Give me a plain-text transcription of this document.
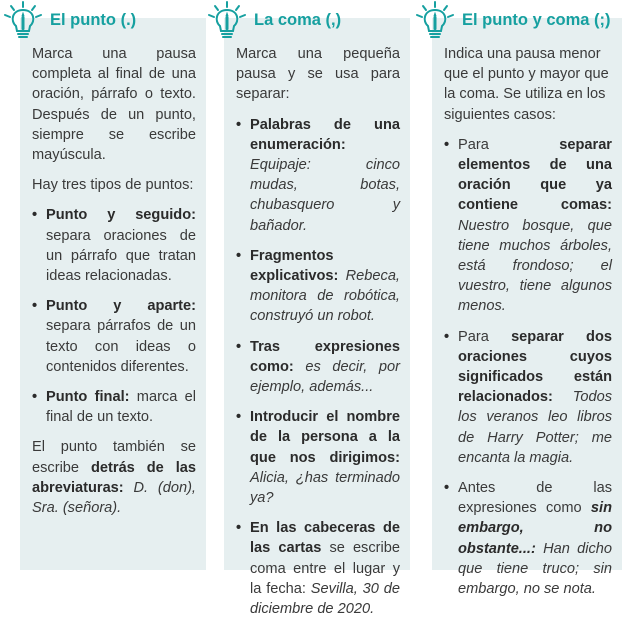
Marca una pausa completa al final de una oración, párrafo o texto. Después de un punto, siempre se escribe mayúscula.

Hay tres tipos de puntos:

• Punto y seguido: separa oraciones de un párrafo que tratan ideas relacionadas.
• Punto y aparte: separa párrafos de un texto con ideas o contenidos diferentes.
• Punto final: marca el final de un texto.

El punto también se escribe detrás de las abreviaturas: D. (don), Sra. (señora).

Marca una pequeña pausa y se usa para separar:

• Palabras de una enumeración: Equipaje: cinco mudas, botas, chubasquero y bañador.
• Fragmentos explicativos: Rebeca, monitora de robótica, construyó un robot.
• Tras expresiones como: es decir, por ejemplo, además...
• Introducir el nombre de la persona a la que nos dirigimos: Alicia, ¿has terminado ya?
• En las cabeceras de las cartas se escribe coma entre el lugar y la fecha: Sevilla, 30 de diciembre de 2020.

Indica una pausa menor que el punto y mayor que la coma. Se utiliza en los siguientes casos:

• Para separar elementos de una oración que ya contiene comas: Nuestro bosque, que tiene muchos árboles, está frondoso; el vuestro, tiene algunos menos.
• Para separar dos oraciones cuyos significados están relacionados: Todos los veranos leo libros de Harry Potter; me encanta la magia.
• Antes de las expresiones como sin embargo, no obstante...: Han dicho que tiene truco; sin embargo, no se nota.
El punto (.)	La coma (,)	El punto y coma (;)
